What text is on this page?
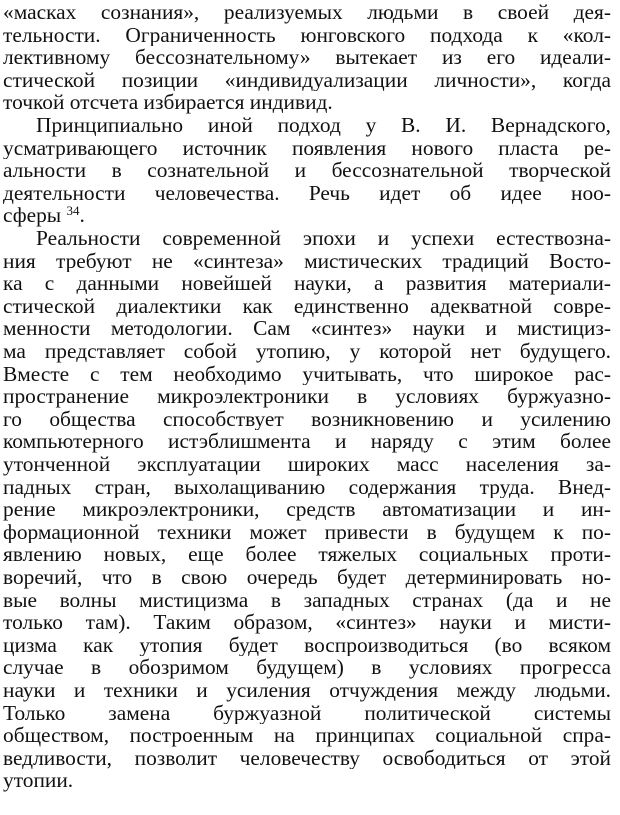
«масках сознания», реализуемых людьми в своей дея-

тельности. Ограниченность юнговского подхода к «кол-

лективному бессознательному» вытекает из его идеали-

стической позиции «индивидуализации личности», когда

точкой отсчета избирается индивид.

Принципиально иной подход у В. И. Вернадского,

усматривающего источник появления нового пласта ре-

альности в сознательной и бессознательной творческой

деятельности человечества. Речь идет об идее ноо-

сферы $^{34}$.

Реальности современной эпохи и успехи естествозна-

ния требуют не «синтеза» мистических традиций Восто-

ка с данными новейшей науки, а развития материали-

стической диалектики как единственно адекватной совре-

менности методологии. Сам «синтез» науки и мистициз-

ма представляет собой утопию, у которой нет будущего.

Вместе с тем необходимо учитывать, что широкое рас-

пространение микроэлектроники в условиях буржуазно-

го общества способствует возникновению и усилению

компьютерного истэблишмента и наряду с этим более

утонченной эксплуатации широких масс населения за-

падных стран, выхолащиванию содержания труда. Внед-

рение микроэлектроники, средств автоматизации и ин-

формационной техники может привести в будущем к по-

явлению новых, еще более тяжелых социальных проти-

воречий, что в свою очередь будет детерминировать но-

вые волны мистицизма в западных странах (да и не

только там). Таким образом, «синтез» науки и мисти-

цизма как утопия будет воспроизводиться (во всяком

случае в обозримом будущем) в условиях прогресса

науки и техники и усиления отчуждения между людьми.

Только замена буржуазной политической системы

обществом, построенным на принципах социальной спра-

ведливости, позволит человечеству освободиться от этой

утопии.
